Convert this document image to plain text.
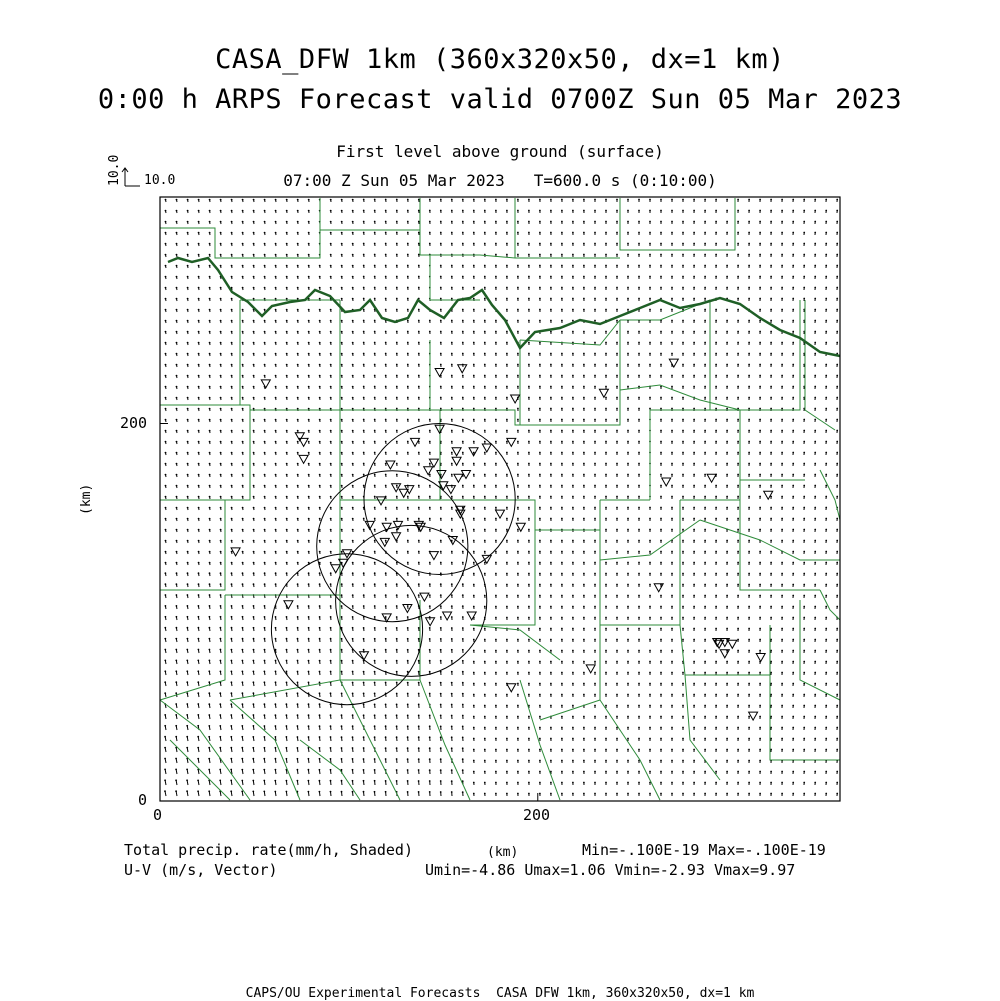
CASA_DFW 1km (360x320x50, dx=1 km)
0:00 h ARPS Forecast valid 0700Z Sun 05 Mar 2023
First level above ground (surface)
07:00 Z Sun 05 Mar 2023   T=600.0 s (0:10:00)
10.0 10.0
200
0
0	200
(km)
(km)
Total precip. rate(mm/h, Shaded)
U-V (m/s, Vector)
Min=-.100E-19 Max=-.100E-19
Umin=-4.86 Umax=1.06 Vmin=-2.93 Vmax=9.97
CAPS/OU Experimental Forecasts  CASA DFW 1km, 360x320x50, dx=1 km
